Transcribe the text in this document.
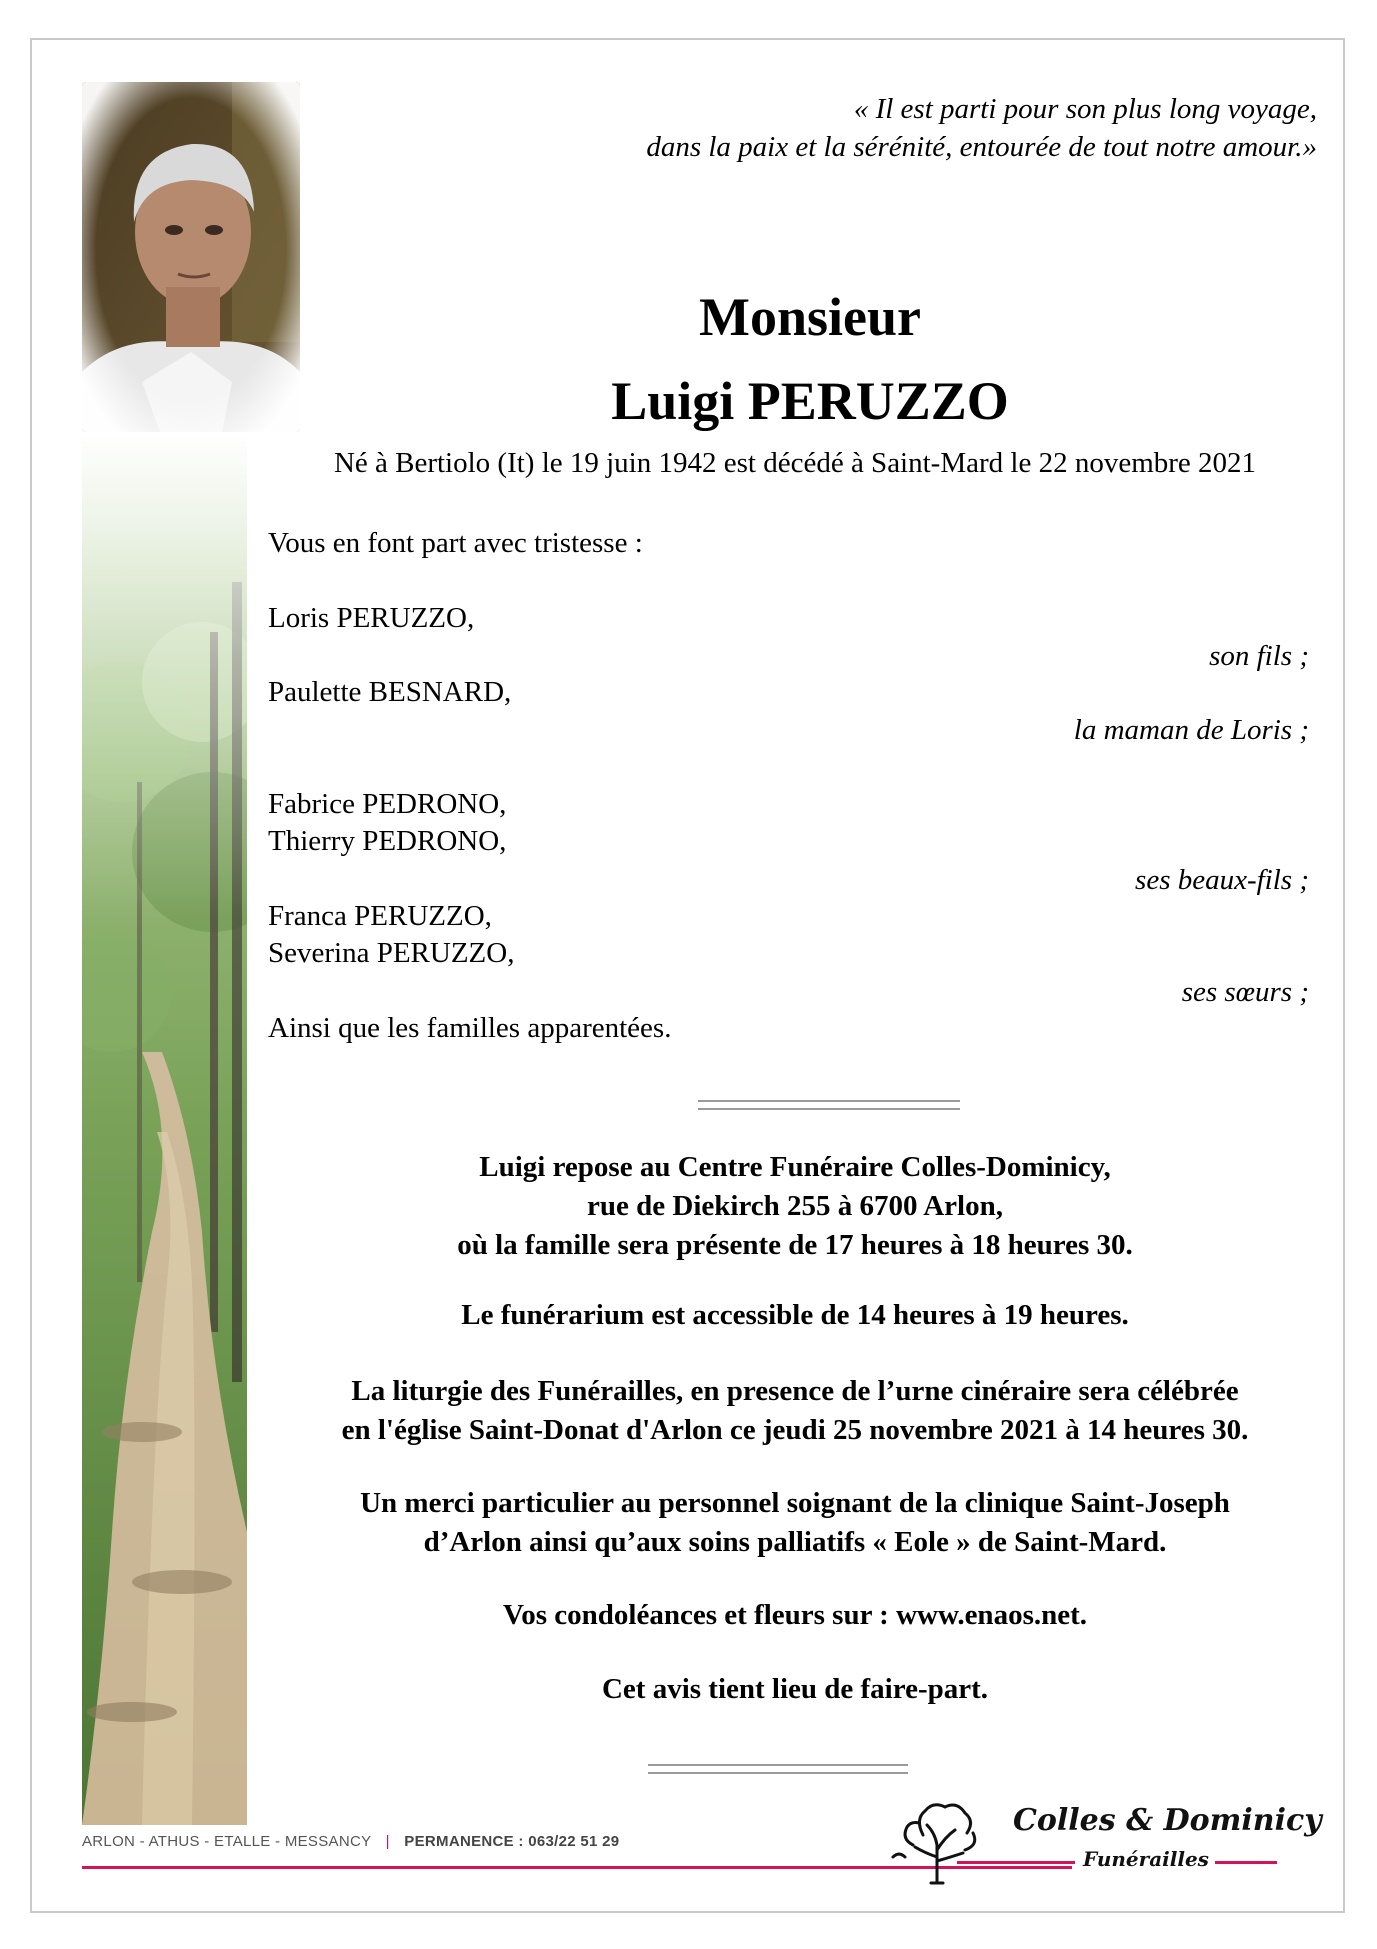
« Il est parti pour son plus long voyage,
dans la paix et la sérénité, entourée de tout notre amour.»
Monsieur
Luigi PERUZZO
Né à Bertiolo (It) le 19 juin 1942 est décédé à Saint-Mard le 22 novembre 2021
Vous en font part avec tristesse :
Loris PERUZZO,
son fils ;
Paulette BESNARD,
la maman de Loris ;
Fabrice PEDRONO,
Thierry PEDRONO,
ses beaux-fils ;
Franca PERUZZO,
Severina PERUZZO,
ses sœurs ;
Ainsi que les familles apparentées.
Luigi repose au Centre Funéraire Colles-Dominicy,
rue de Diekirch 255 à 6700 Arlon,
où la famille sera présente de 17 heures à 18 heures 30.
Le funérarium est accessible de 14 heures à 19 heures.
La liturgie des Funérailles, en presence de l’urne cinéraire sera célébrée
en l'église Saint-Donat d'Arlon ce jeudi 25 novembre 2021 à 14 heures 30.
Un merci particulier au personnel soignant de la clinique Saint-Joseph
d’Arlon ainsi qu’aux soins palliatifs « Eole » de Saint-Mard.
Vos condoléances et fleurs sur : www.enaos.net.
Cet avis tient lieu de faire-part.
ARLON - ATHUS - ETALLE - MESSANCY | PERMANENCE : 063/22 51 29
Colles & Dominicy
Funérailles
